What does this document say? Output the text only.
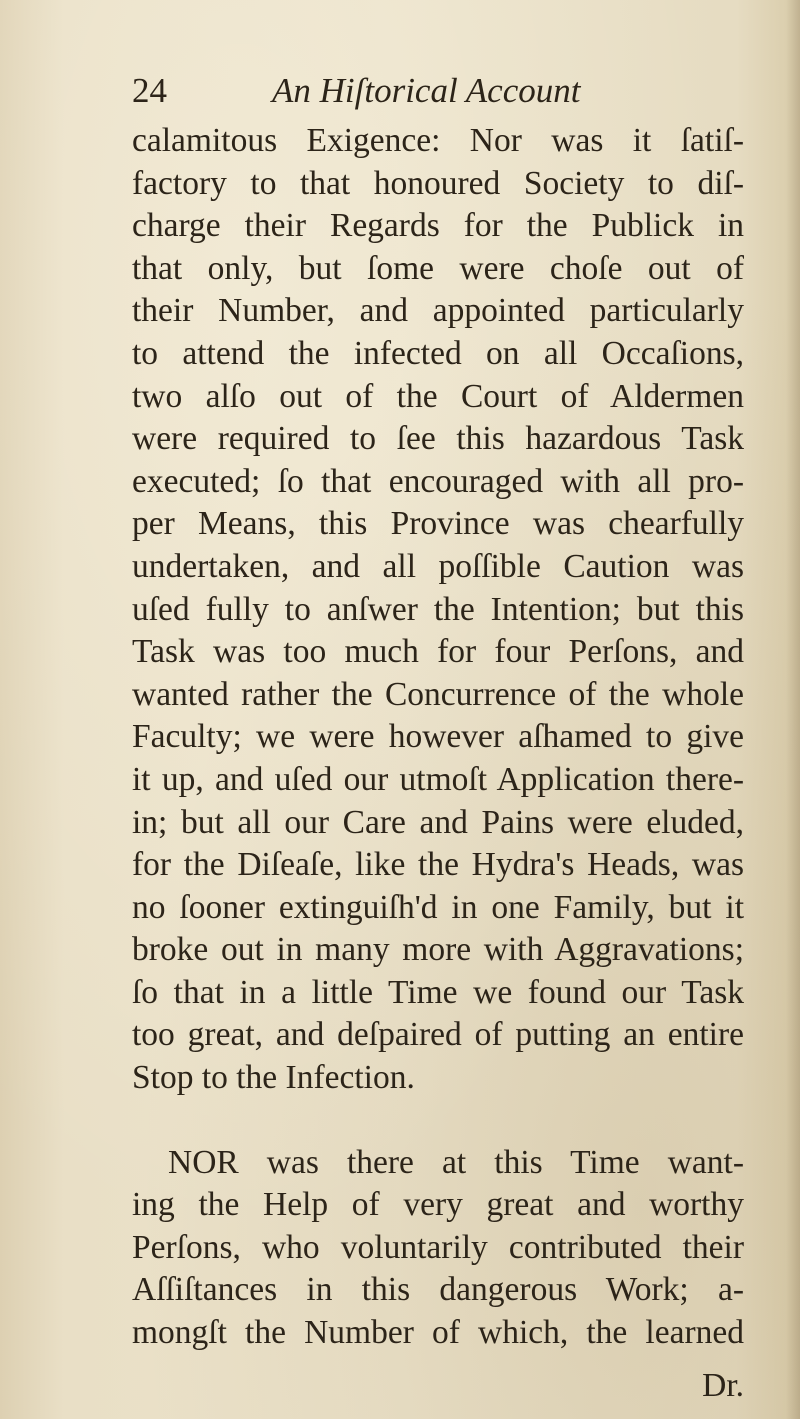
24	An Hiſtorical Account
calamitous Exigence: Nor was it ſatiſ-
factory to that honoured Society to diſ-
charge their Regards for the Publick in
that only, but ſome were choſe out of
their Number, and appointed particularly
to attend the infected on all Occaſions,
two alſo out of the Court of Aldermen
were required to ſee this hazardous Task
executed; ſo that encouraged with all pro-
per Means, this Province was chearfully
undertaken, and all poſſible Caution was
uſed fully to anſwer the Intention; but this
Task was too much for four Perſons, and
wanted rather the Concurrence of the whole
Faculty; we were however aſhamed to give
it up, and uſed our utmoſt Application there-
in; but all our Care and Pains were eluded,
for the Diſeaſe, like the Hydra's Heads, was
no ſooner extinguiſh'd in one Family, but it
broke out in many more with Aggravations;
ſo that in a little Time we found our Task
too great, and deſpaired of putting an entire
Stop to the Infection.
NOR was there at this Time want-
ing the Help of very great and worthy
Perſons, who voluntarily contributed their
Aſſiſtances in this dangerous Work; a-
mongſt the Number of which, the learned
Dr.
